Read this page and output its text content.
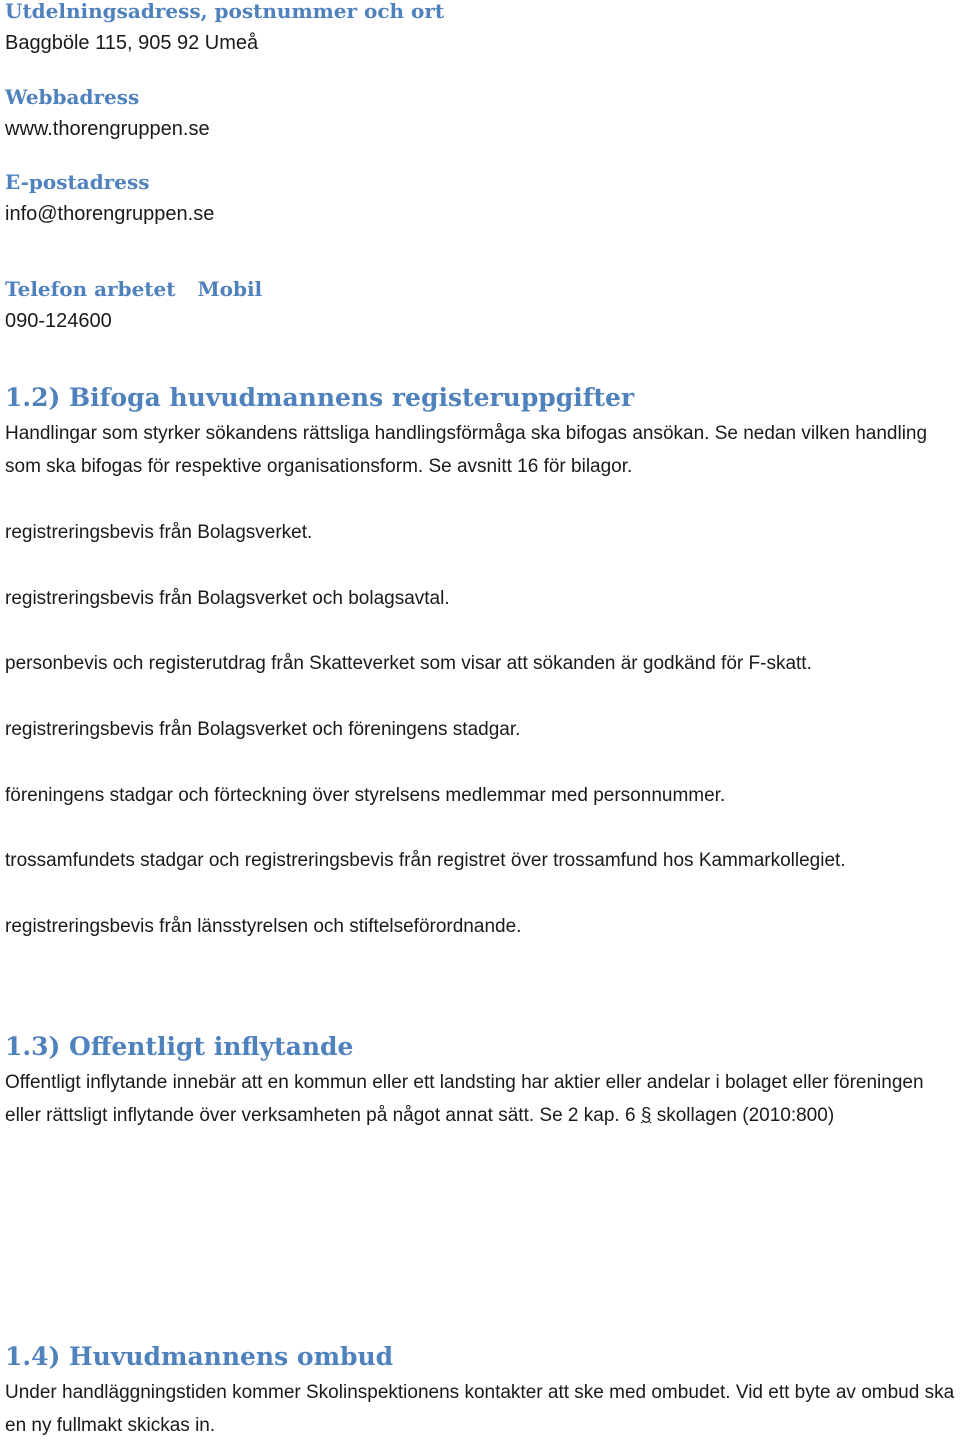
Utdelningsadress, postnummer och ort

Baggböle 115, 905 92 Umeå

Webbadress

www.thorengruppen.se

E-postadress

info@thorengruppen.se

Telefon arbetet Mobil

090-124600

1.2) Bifoga huvudmannens registeruppgifter

Handlingar som styrker sökandens rättsliga handlingsförmåga ska bifogas ansökan. Se nedan vilken handling som ska bifogas för respektive organisationsform. Se avsnitt 16 för bilagor.

registreringsbevis från Bolagsverket.

registreringsbevis från Bolagsverket och bolagsavtal.

personbevis och registerutdrag från Skatteverket som visar att sökanden är godkänd för F-skatt.

registreringsbevis från Bolagsverket och föreningens stadgar.

föreningens stadgar och förteckning över styrelsens medlemmar med personnummer.

trossamfundets stadgar och registreringsbevis från registret över trossamfund hos Kammarkollegiet.

registreringsbevis från länsstyrelsen och stiftelseförordnande.

1.3) Offentligt inflytande

Offentligt inflytande innebär att en kommun eller ett landsting har aktier eller andelar i bolaget eller föreningen eller rättsligt inflytande över verksamheten på något annat sätt. Se 2 kap. 6 § skollagen (2010:800)

1.4) Huvudmannens ombud

Under handläggningstiden kommer Skolinspektionens kontakter att ske med ombudet. Vid ett byte av ombud ska en ny fullmakt skickas in.
